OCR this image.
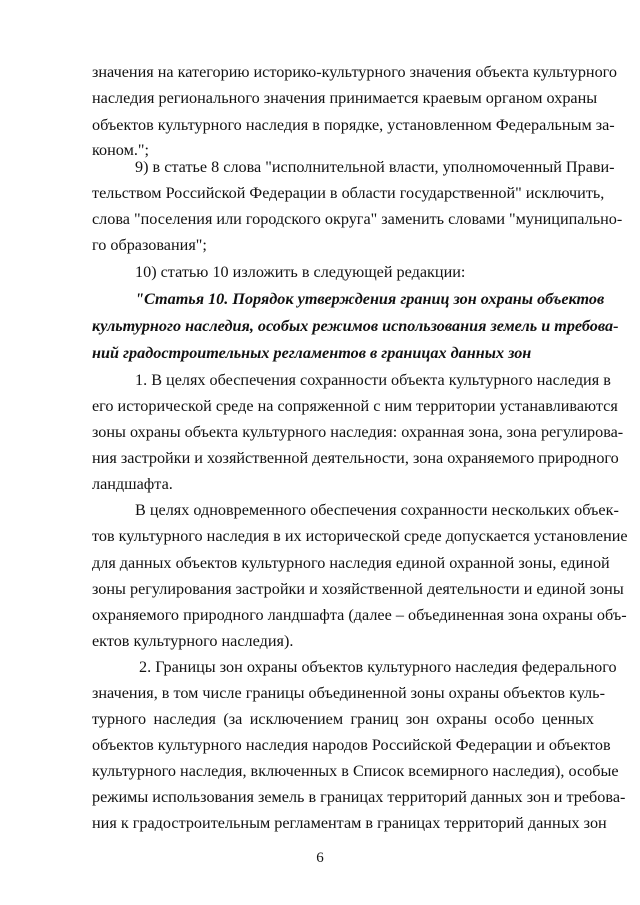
значения на категорию историко-культурного значения объекта культурного
наследия регионального значения принимается краевым органом охраны
объектов культурного наследия в порядке, установленном Федеральным за-
коном.";
9) в статье 8 слова "исполнительной власти, уполномоченный Прави-
тельством Российской Федерации в области государственной" исключить,
слова "поселения или городского округа" заменить словами "муниципально-
го образования";
10) статью 10 изложить в следующей редакции:
"Статья 10. Порядок утверждения границ зон охраны объектов
культурного наследия, особых режимов использования земель и требова-
ний градостроительных регламентов в границах данных зон
1. В целях обеспечения сохранности объекта культурного наследия в
его исторической среде на сопряженной с ним территории устанавливаются
зоны охраны объекта культурного наследия: охранная зона, зона регулирова-
ния застройки и хозяйственной деятельности, зона охраняемого природного
ландшафта.
В целях одновременного обеспечения сохранности нескольких объек-
тов культурного наследия в их исторической среде допускается установление
для данных объектов культурного наследия единой охранной зоны, единой
зоны регулирования застройки и хозяйственной деятельности и единой зоны
охраняемого природного ландшафта (далее – объединенная зона охраны объ-
ектов культурного наследия).
2. Границы зон охраны объектов культурного наследия федерального
значения, в том числе границы объединенной зоны охраны объектов куль-
турного наследия (за исключением границ зон охраны особо ценных
объектов культурного наследия народов Российской Федерации и объектов
культурного наследия, включенных в Список всемирного наследия), особые
режимы использования земель в границах территорий данных зон и требова-
ния к градостроительным регламентам в границах территорий данных зон
6
